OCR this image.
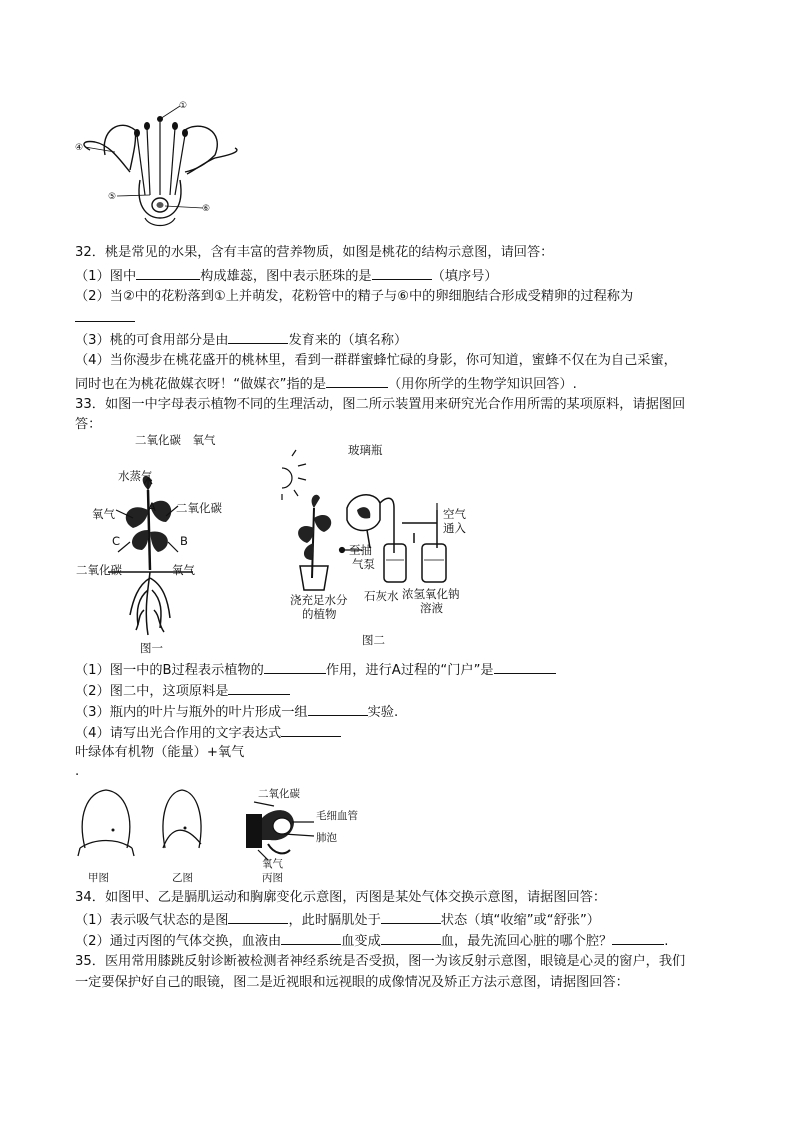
①
④
⑤
⑥
32．桃是常见的水果，含有丰富的营养物质，如图是桃花的结构示意图，请回答：
（1）图中	构成雄蕊，图中表示胚珠的是	（填序号）
（2）当②中的花粉落到①上并萌发，花粉管中的精子与⑥中的卵细胞结合形成受精卵的过程称为
（3）桃的可食用部分是由	发育来的（填名称）
（4）当你漫步在桃花盛开的桃林里，看到一群群蜜蜂忙碌的身影，你可知道，蜜蜂不仅在为自己采蜜，
同时也在为桃花做媒衣呀！“做媒衣”指的是	（用你所学的生物学知识回答）.
33．如图一中字母表示植物不同的生理活动，图二所示装置用来研究光合作用所需的某项原料，请据图回
答：
二氧化碳　氧气
水蒸气
氧气	A 二氧化碳
C	B
二氧化碳	氧气
图一
玻璃瓶
空气
通入
至抽
气泵
浇充足水分
的植物
石灰水 浓氢氧化钠
溶液
图二
（1）图一中的B过程表示植物的	作用，进行A过程的“门户”是
（2）图二中，这项原料是
（3）瓶内的叶片与瓶外的叶片形成一组	实验.
（4）请写出光合作用的文字表达式
叶绿体有机物（能量）+氧气
.
甲图	乙图
二氧化碳
毛细血管
肺泡
氧气
丙图
34．如图甲、乙是膈肌运动和胸廓变化示意图，丙图是某处气体交换示意图，请据图回答：
（1）表示吸气状态的是图	，此时膈肌处于	状态（填“收缩”或“舒张”）
（2）通过丙图的气体交换，血液由	血变成	血，最先流回心脏的哪个腔？	.
35．医用常用膝跳反射诊断被检测者神经系统是否受损，图一为该反射示意图，眼镜是心灵的窗户，我们
一定要保护好自己的眼镜，图二是近视眼和远视眼的成像情况及矫正方法示意图，请据图回答：
